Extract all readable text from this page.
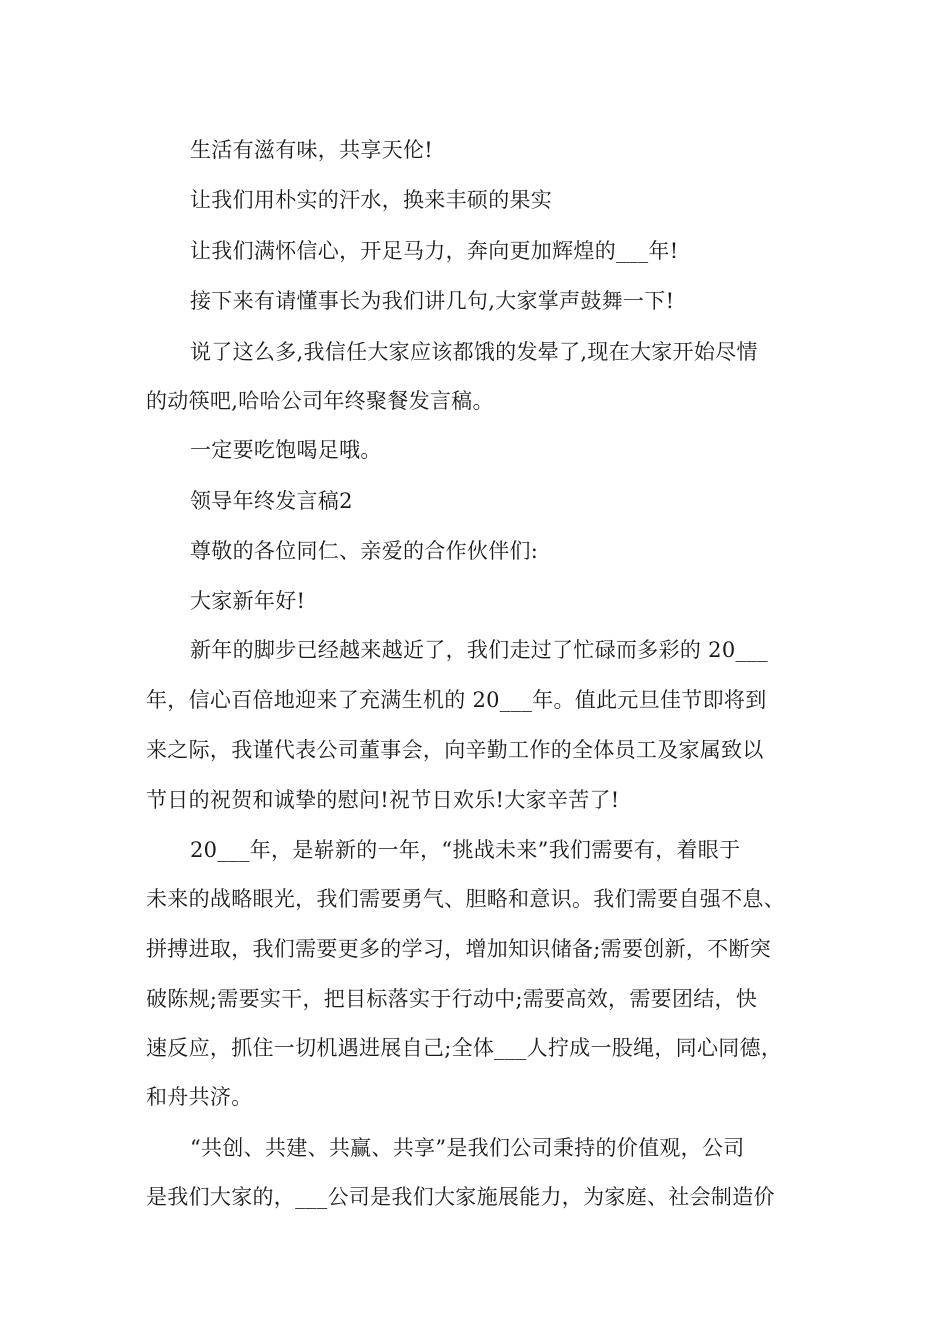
生活有滋有味，共享天伦!
让我们用朴实的汗水，换来丰硕的果实
让我们满怀信心，开足马力，奔向更加辉煌的___年!
接下来有请懂事长为我们讲几句,大家掌声鼓舞一下!
说了这么多,我信任大家应该都饿的发晕了,现在大家开始尽情
的动筷吧,哈哈公司年终聚餐发言稿。
一定要吃饱喝足哦。
领导年终发言稿2
尊敬的各位同仁、亲爱的合作伙伴们:
大家新年好!
新年的脚步已经越来越近了，我们走过了忙碌而多彩的 20___
年，信心百倍地迎来了充满生机的 20___年。值此元旦佳节即将到
来之际，我谨代表公司董事会，向辛勤工作的全体员工及家属致以
节日的祝贺和诚挚的慰问!祝节日欢乐!大家辛苦了!
20___年，是崭新的一年，“挑战未来”我们需要有，着眼于
未来的战略眼光，我们需要勇气、胆略和意识。我们需要自强不息、
拼搏进取，我们需要更多的学习，增加知识储备;需要创新，不断突
破陈规;需要实干，把目标落实于行动中;需要高效，需要团结，快
速反应，抓住一切机遇进展自己;全体___人拧成一股绳，同心同德，
和舟共济。
“共创、共建、共赢、共享”是我们公司秉持的价值观，公司
是我们大家的，___公司是我们大家施展能力，为家庭、社会制造价
